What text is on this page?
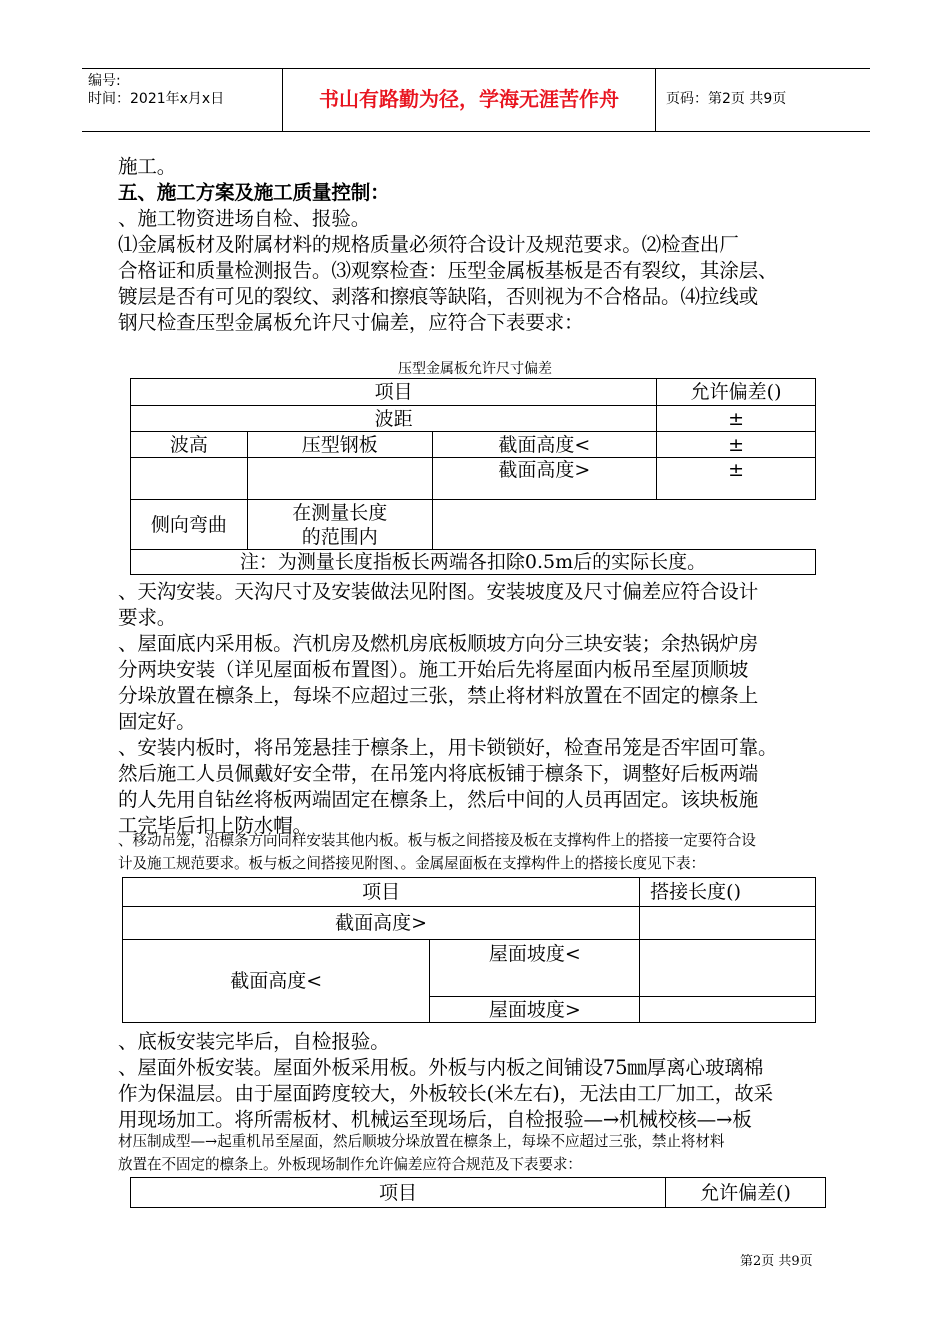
编号:
时间：2021年x月x日	书山有路勤为径，学海无涯苦作舟	页码：第2页 共9页
施工。
五、施工方案及施工质量控制：
、施工物资进场自检、报验。
⑴金属板材及附属材料的规格质量必须符合设计及规范要求。⑵检查出厂
合格证和质量检测报告。⑶观察检查：压型金属板基板是否有裂纹，其涂层、
镀层是否有可见的裂纹、剥落和擦痕等缺陷，否则视为不合格品。⑷拉线或
钢尺检查压型金属板允许尺寸偏差，应符合下表要求：
压型金属板允许尺寸偏差
项目			允许偏差()
波距			±
波高	压型钢板	截面高度<	±
		截面高度>	±
侧向弯曲	在测量长度
的范围内		

注：为测量长度指板长两端各扣除0.5m后的实际长度。			
、天沟安装。天沟尺寸及安装做法见附图。安装坡度及尺寸偏差应符合设计
要求。
、屋面底内采用板。汽机房及燃机房底板顺坡方向分三块安装；余热锅炉房
分两块安装（详见屋面板布置图）。施工开始后先将屋面内板吊至屋顶顺坡
分垛放置在檩条上，每垛不应超过三张，禁止将材料放置在不固定的檩条上
固定好。
、安装内板时，将吊笼悬挂于檩条上，用卡锁锁好，检查吊笼是否牢固可靠。
然后施工人员佩戴好安全带，在吊笼内将底板铺于檩条下，调整好后板两端
的人先用自钻丝将板两端固定在檩条上，然后中间的人员再固定。该块板施
工完毕后扣上防水帽。
、移动吊笼，沿檩条方向同样安装其他内板。板与板之间搭接及板在支撑构件上的搭接一定要符合设
计及施工规范要求。板与板之间搭接见附图、。金属屋面板在支撑构件上的搭接长度见下表：
项目		搭接长度()
截面高度>		
截面高度<	屋面坡度<	
	屋面坡度>	
、底板安装完毕后，自检报验。
、屋面外板安装。屋面外板采用板。外板与内板之间铺设75㎜厚离心玻璃棉
作为保温层。由于屋面跨度较大，外板较长(米左右)，无法由工厂加工，故采
用现场加工。将所需板材、机械运至现场后，自检报验—→机械校核—→板
材压制成型—→起重机吊至屋面，然后顺坡分垛放置在檩条上，每垛不应超过三张，禁止将材料
放置在不固定的檩条上。外板现场制作允许偏差应符合规范及下表要求：
项目	允许偏差()
第2页 共9页
